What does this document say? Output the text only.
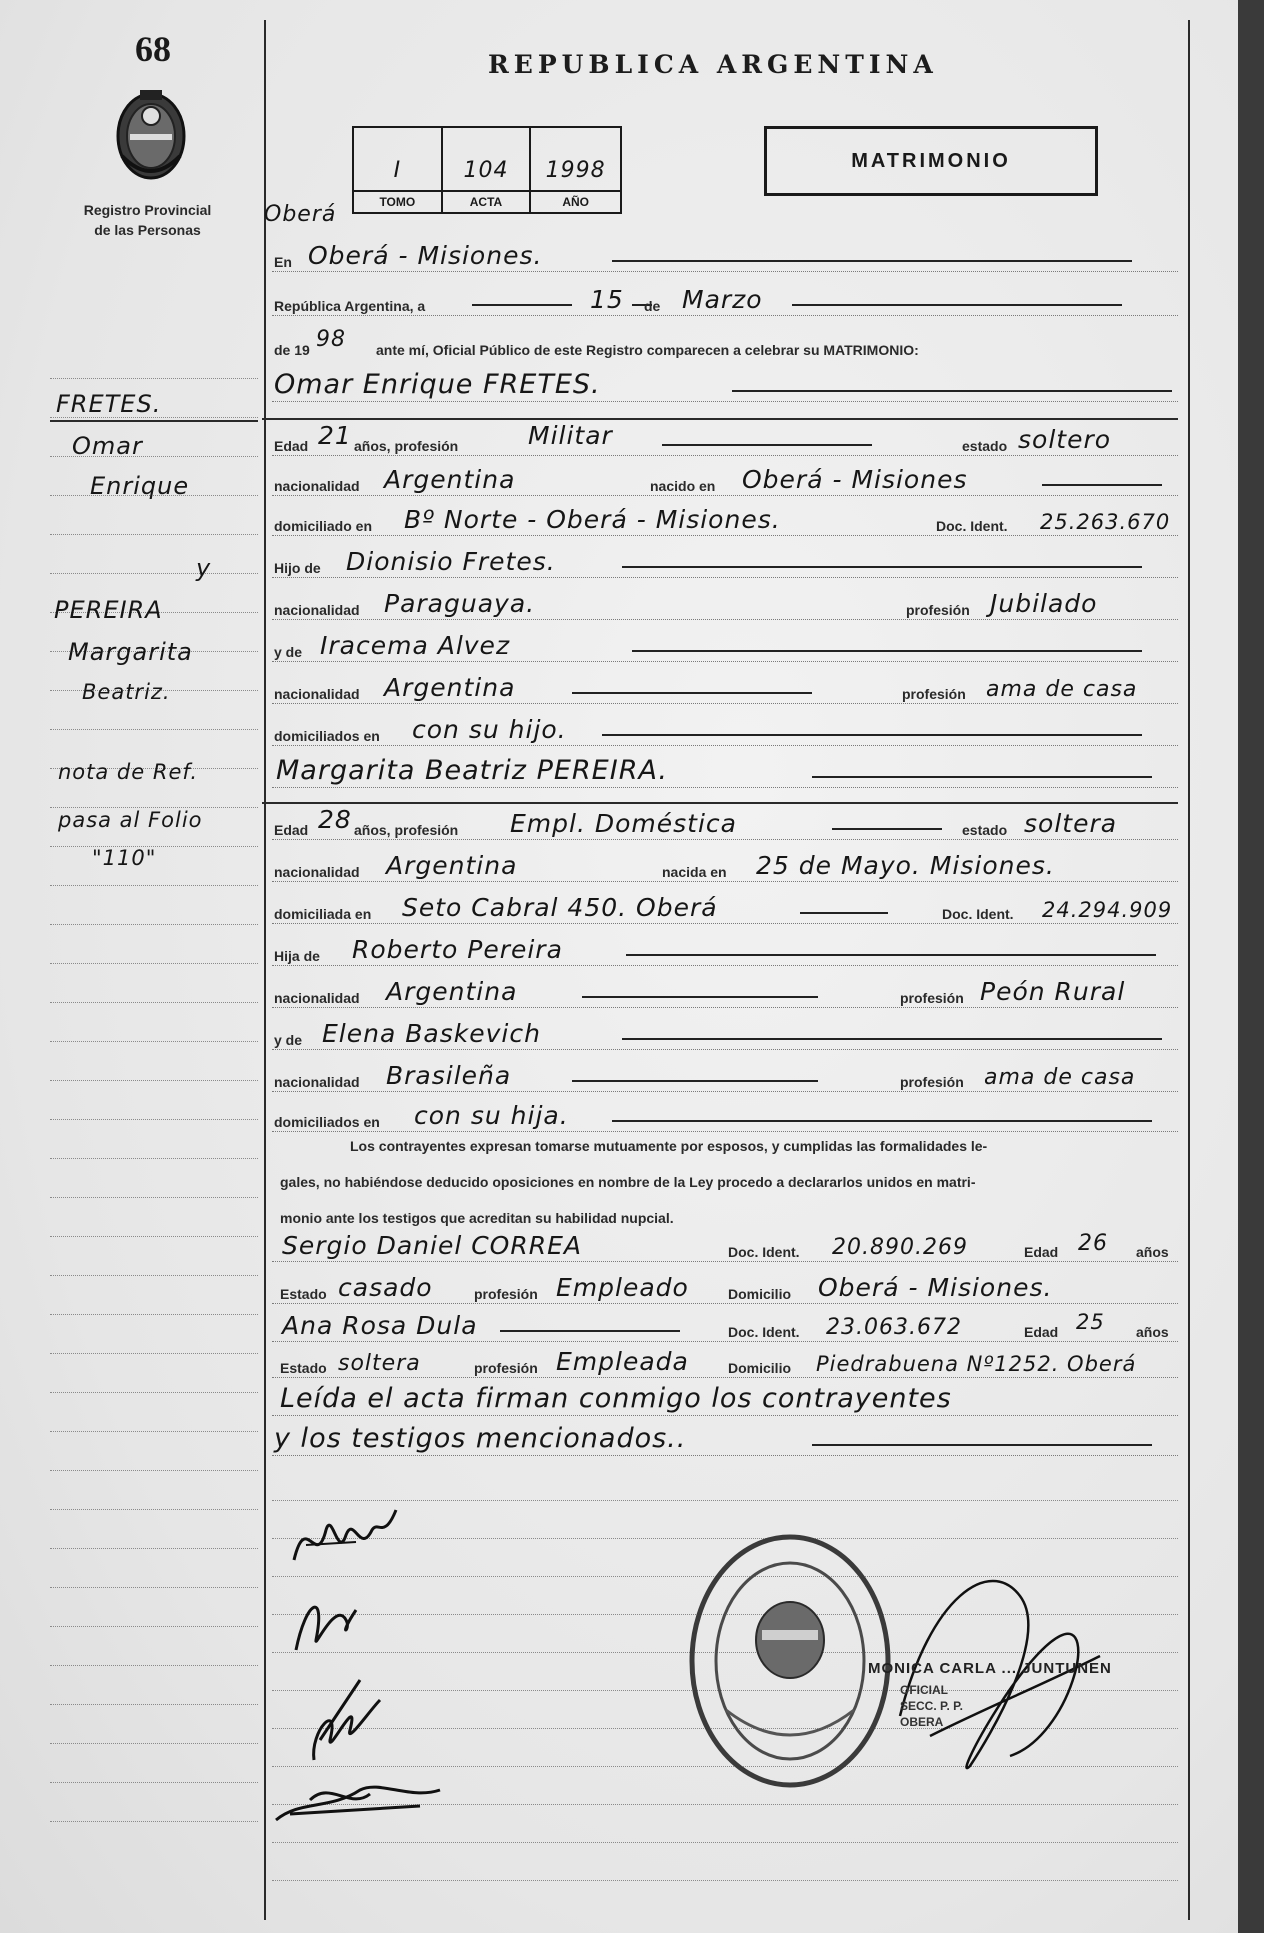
68
Registro Provincial
de las Personas
FRETES.
Omar
Enrique
y
PEREIRA
Margarita
Beatriz.
nota de Ref.
pasa al Folio
"110"
REPUBLICA ARGENTINA
I
TOMO
104
ACTA
1998
AÑO
MATRIMONIO
Oberá
En Oberá - Misiones.
República Argentina, a	15 de Marzo
de 19 98 ante mí, Oficial Público de este Registro comparecen a celebrar su MATRIMONIO:
Omar Enrique FRETES.
Edad 21 años, profesión	Militar	estado soltero
nacionalidad Argentina	nacido en Oberá - Misiones
domiciliado en Bº Norte - Oberá - Misiones.	Doc. Ident. 25.263.670
Hijo de Dionisio Fretes.
nacionalidad Paraguaya.	profesión Jubilado
y de Iracema Alvez
nacionalidad Argentina	profesión ama de casa
domiciliados en con su hijo.
Margarita Beatriz PEREIRA.
Edad 28 años, profesión Empl. Doméstica	estado soltera
nacionalidad Argentina	nacida en 25 de Mayo. Misiones.
domiciliada en Seto Cabral 450. Oberá	Doc. Ident. 24.294.909
Hija de Roberto Pereira
nacionalidad Argentina	profesión Peón Rural
y de Elena Baskevich
nacionalidad Brasileña	profesión ama de casa
domiciliados en con su hija.
Los contrayentes expresan tomarse mutuamente por esposos, y cumplidas las formalidades le-
gales, no habiéndose deducido oposiciones en nombre de la Ley procedo a declararlos unidos en matri-
monio ante los testigos que acreditan su habilidad nupcial.
Sergio Daniel CORREA	Doc. Ident. 20.890.269	Edad 26 años
Estado casado	profesión Empleado	Domicilio Oberá - Misiones.
Ana Rosa Dula	Doc. Ident. 23.063.672	Edad 25 años
Estado soltera	profesión Empleada	Domicilio Piedrabuena Nº1252. Oberá
Leída el acta firman conmigo los contrayentes
y los testigos mencionados..
MONICA CARLA ... JUNTUNEN
OFICIAL
SECC. P. P.
OBERA
